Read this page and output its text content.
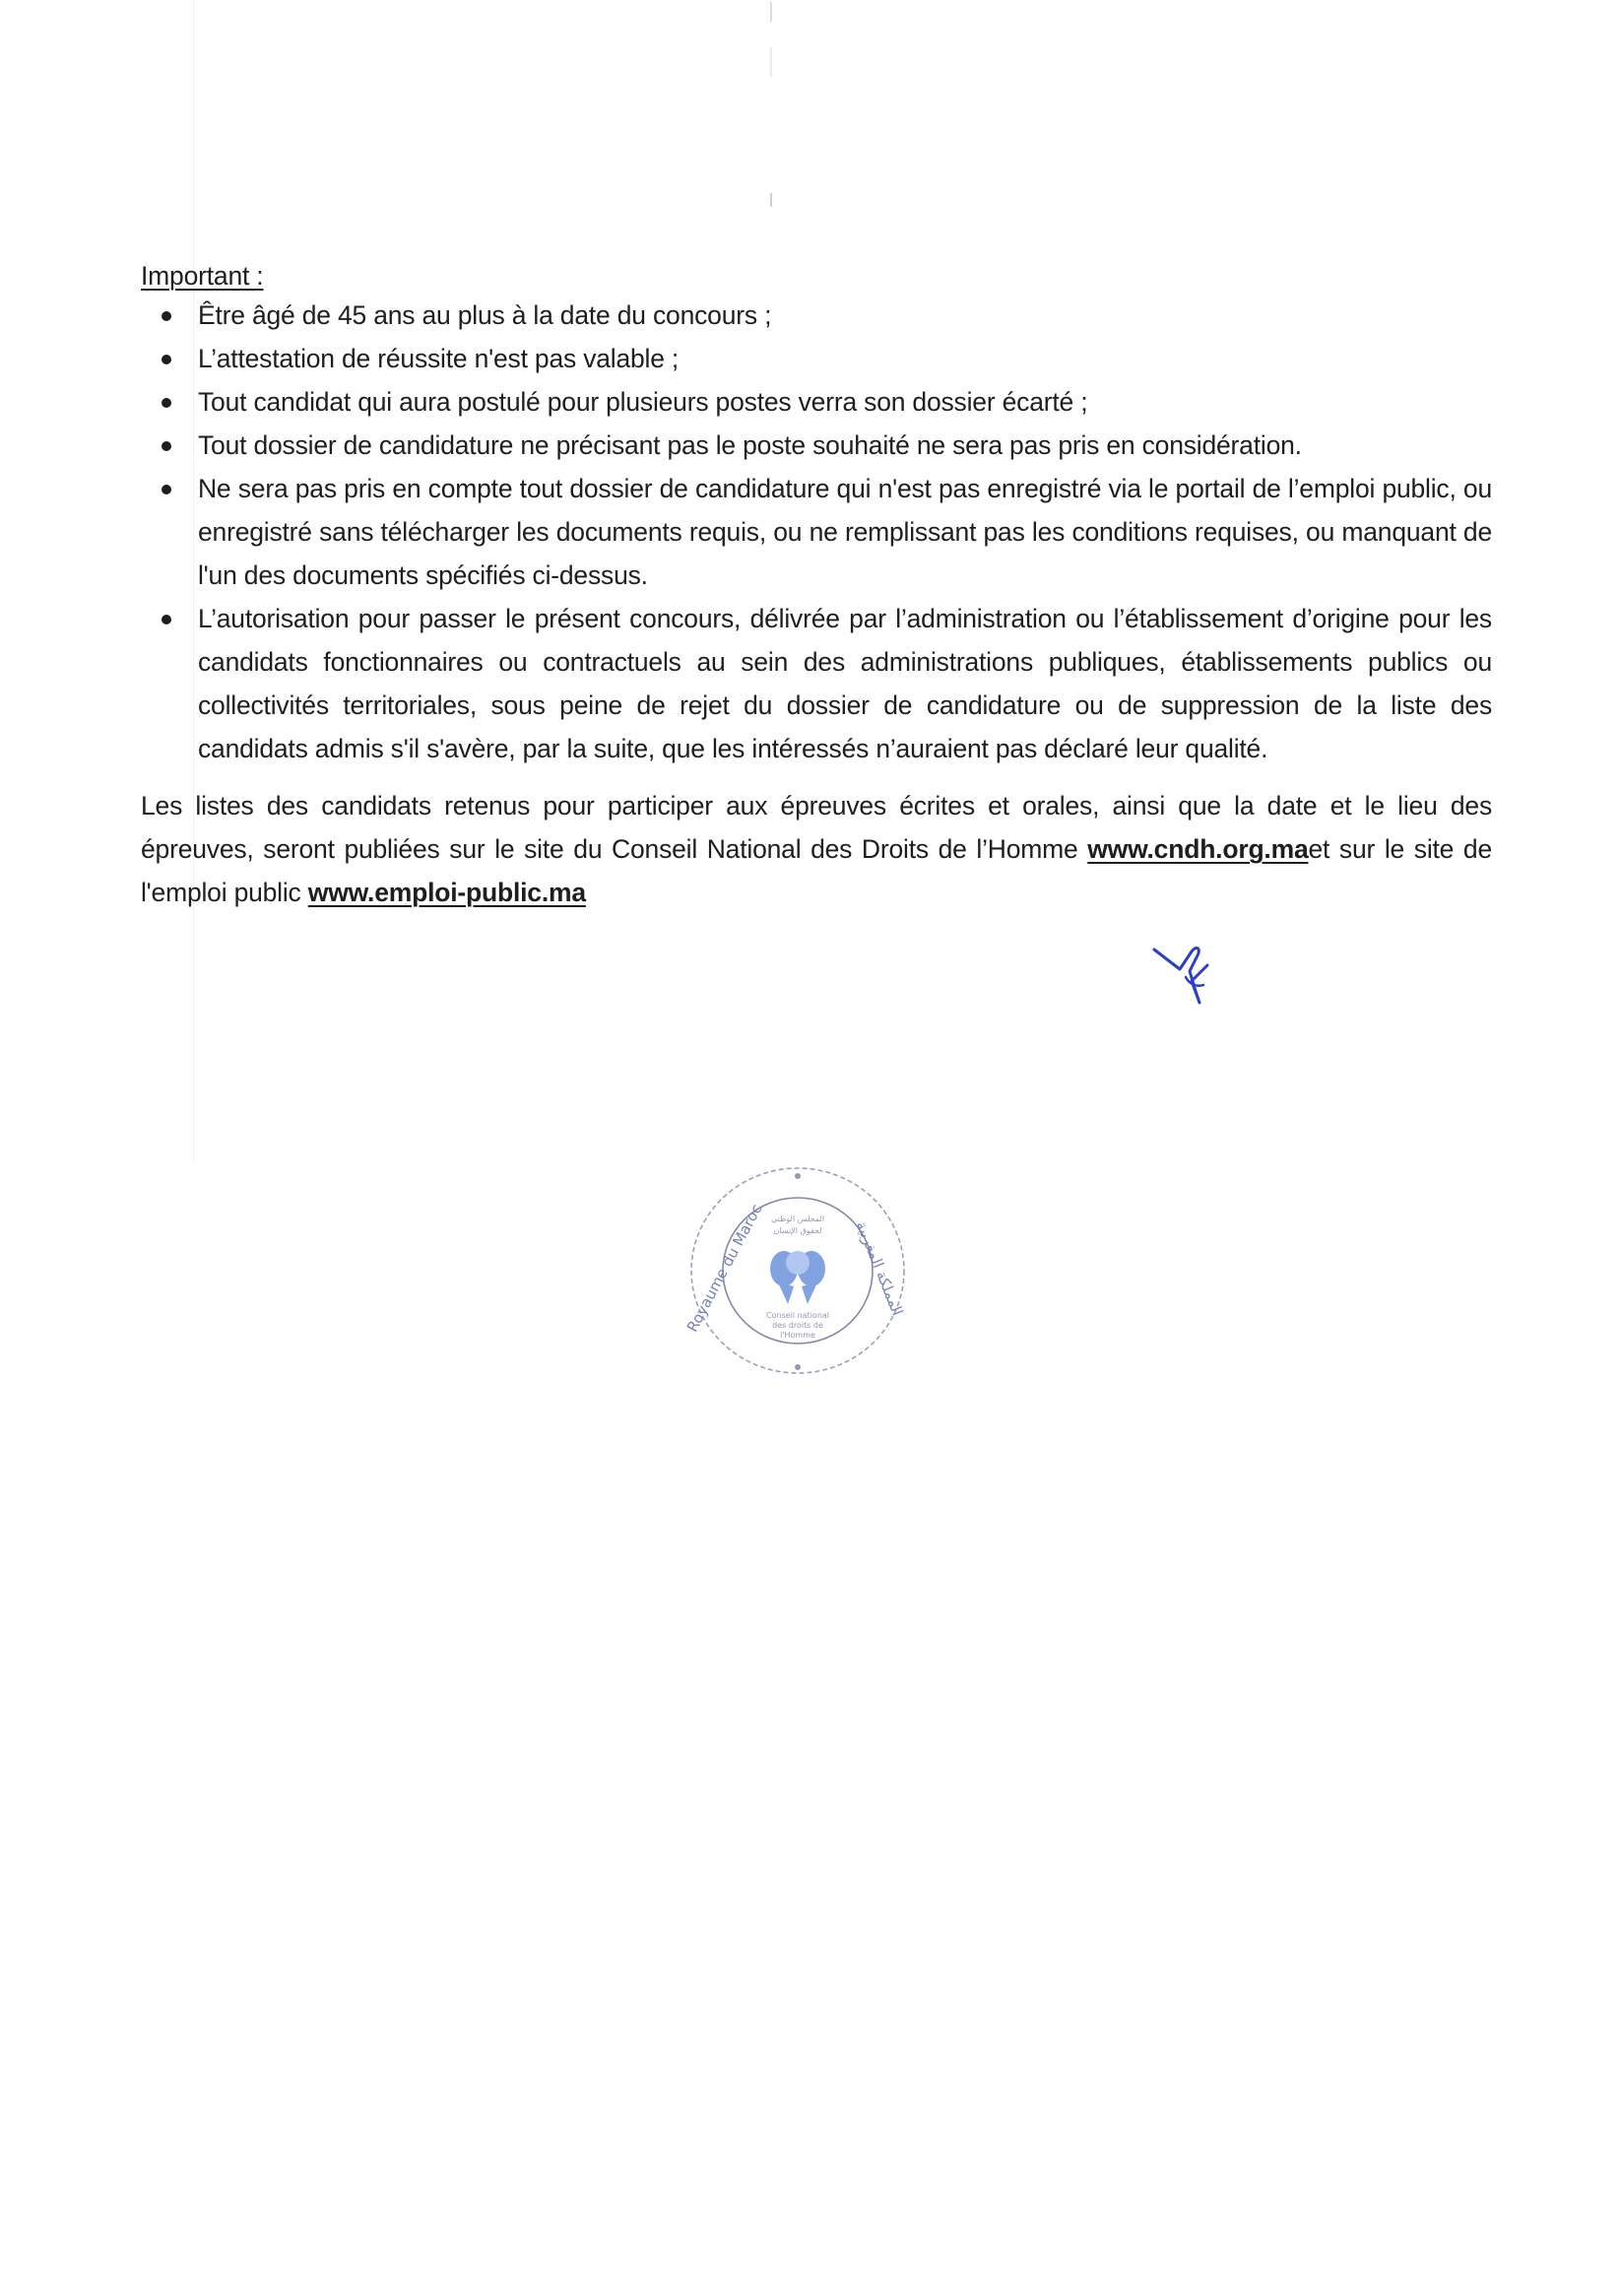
Important :
Être âgé de 45 ans au plus à la date du concours ;
L’attestation de réussite n'est pas valable ;
Tout candidat qui aura postulé pour plusieurs postes verra son dossier écarté ;
Tout dossier de candidature ne précisant pas le poste souhaité ne sera pas pris en considération.
Ne sera pas pris en compte tout dossier de candidature qui n'est pas enregistré via le portail de l’emploi public, ou enregistré sans télécharger les documents requis, ou ne remplissant pas les conditions requises, ou manquant de l'un des documents spécifiés ci-dessus.
L’autorisation pour passer le présent concours, délivrée par l’administration ou l’établissement d’origine pour les candidats fonctionnaires ou contractuels au sein des administrations publiques, établissements publics ou collectivités territoriales, sous peine de rejet du dossier de candidature ou de suppression de la liste des candidats admis s'il s'avère, par la suite, que les intéressés n’auraient pas déclaré leur qualité.

Les listes des candidats retenus pour participer aux épreuves écrites et orales, ainsi que la date et le lieu des épreuves, seront publiées sur le site du Conseil National des Droits de l’Homme www.cndh.org.maet sur le site de l'emploi public www.emploi-public.ma

Royaume du Maroc	المملكة المغربية
المجلس الوطني
لحقوق الإنسان
Conseil national
des droits de
l'Homme
